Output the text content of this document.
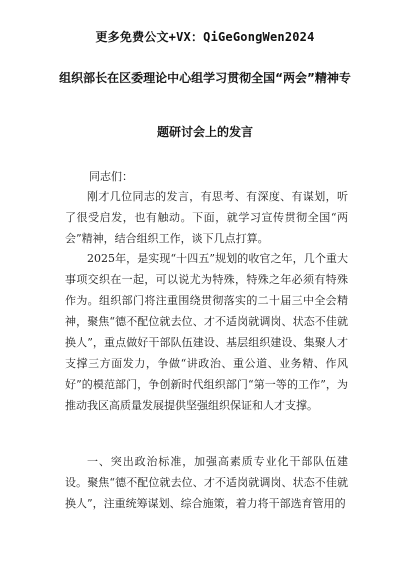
更多免费公文+VX：QiGeGongWen2024
组织部长在区委理论中心组学习贯彻全国“两会”精神专
题研讨会上的发言
同志们：
刚才几位同志的发言，有思考、有深度、有谋划，听了很受启发，也有触动。下面，就学习宣传贯彻全国“两会”精神，结合组织工作，谈下几点打算。
2025年，是实现“十四五”规划的收官之年，几个重大事项交织在一起，可以说尤为特殊，特殊之年必须有特殊作为。组织部门将注重围绕贯彻落实的二十届三中全会精神，聚焦“德不配位就去位、才不适岗就调岗、状态不佳就换人”，重点做好干部队伍建设、基层组织建设、集聚人才支撑三方面发力，争做“讲政治、重公道、业务精、作风好”的模范部门，争创新时代组织部门“第一等的工作”，为推动我区高质量发展提供坚强组织保证和人才支撑。
一、突出政治标准，加强高素质专业化干部队伍建设。聚焦“德不配位就去位、才不适岗就调岗、状态不佳就换人”，注重统筹谋划、综合施策，着力将干部选育管用的
